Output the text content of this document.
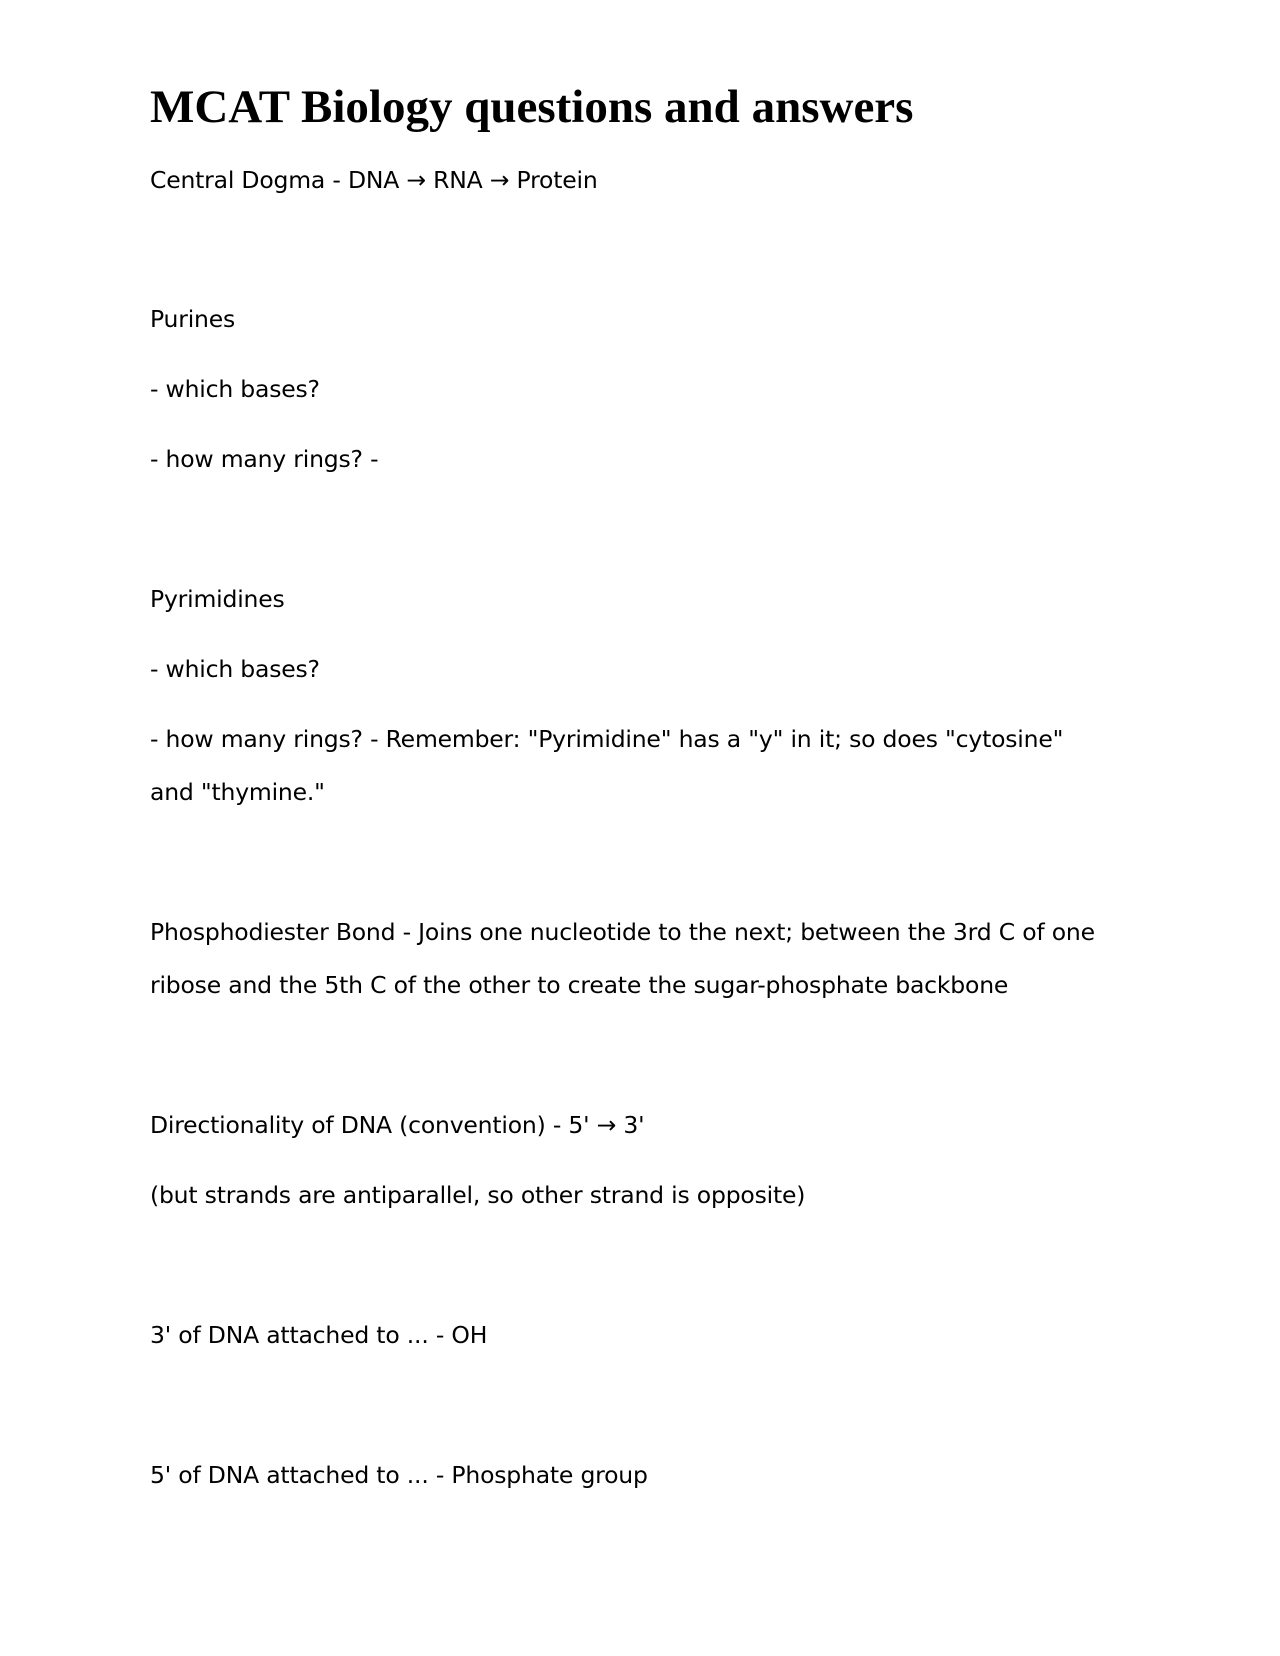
MCAT Biology questions and answers

Central Dogma - DNA → RNA → Protein

Purines

- which bases?

- how many rings? -

Pyrimidines

- which bases?

- how many rings? - Remember: "Pyrimidine" has a "y" in it; so does "cytosine"

and "thymine."

Phosphodiester Bond - Joins one nucleotide to the next; between the 3rd C of one

ribose and the 5th C of the other to create the sugar-phosphate backbone

Directionality of DNA (convention) - 5' → 3'

(but strands are antiparallel, so other strand is opposite)

3' of DNA attached to ... - OH

5' of DNA attached to ... - Phosphate group
